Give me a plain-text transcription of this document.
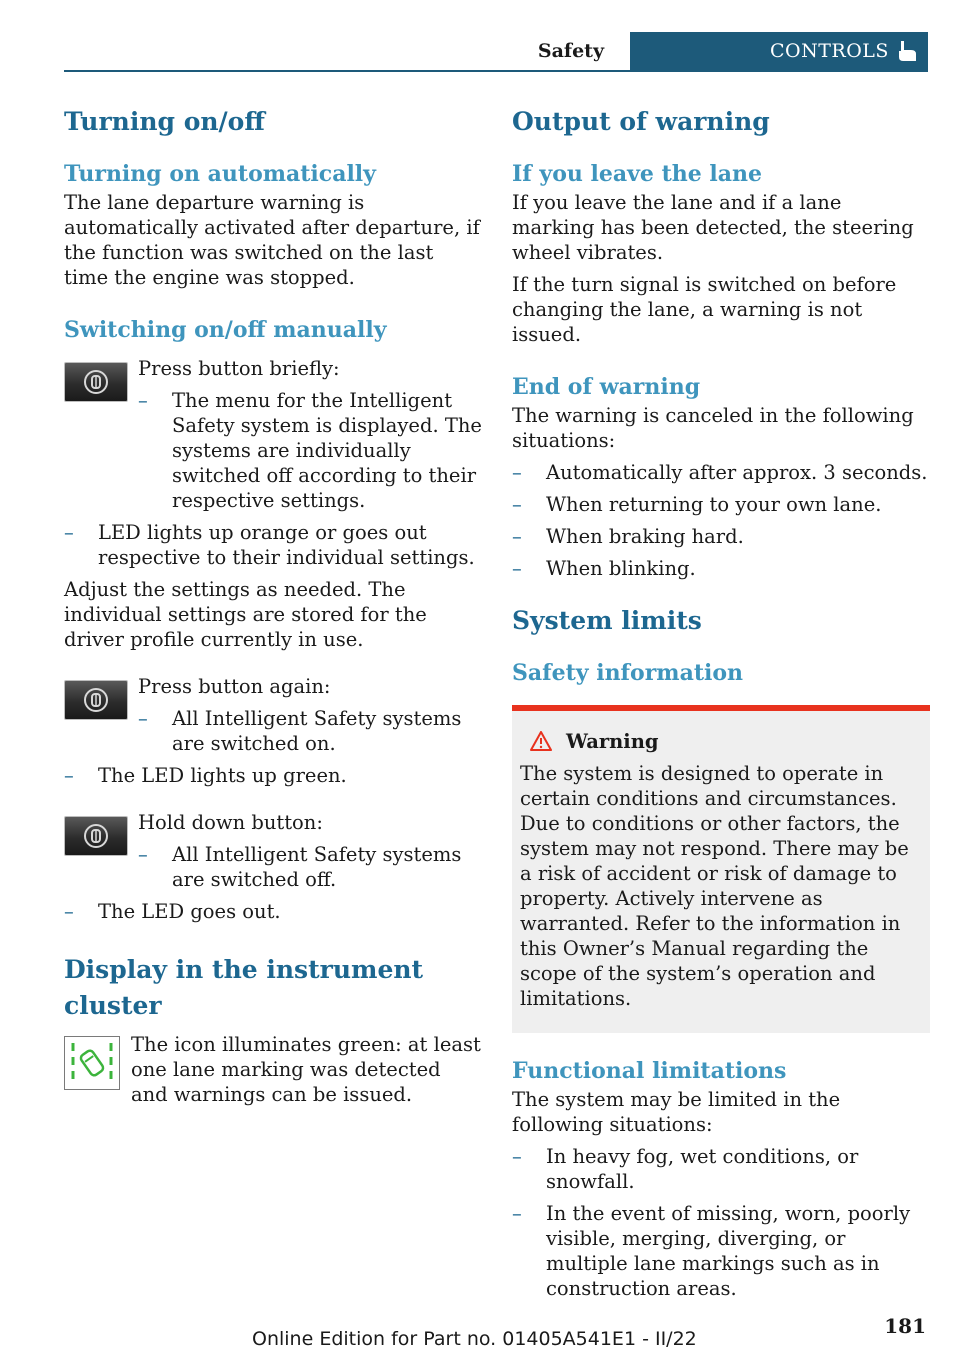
Safety	CONTROLS
Turning on/off
Turning on automatically

The lane departure warning is automatically activated after departure, if the function was switched on the last time the engine was stopped.

Switching on/off manually

Press button briefly:

– The menu for the Intelligent Safety system is displayed. The systems are individually switched off according to their respective settings.
– LED lights up orange or goes out respective to their individual settings.

Adjust the settings as needed. The individual settings are stored for the driver profile currently in use.

Press button again:

– All Intelligent Safety systems are switched on.
– The LED lights up green.

Hold down button:

– All Intelligent Safety systems are switched off.
– The LED goes out.
Display in the instrument cluster

The icon illuminates green: at least one lane marking was detected and warnings can be issued.

Output of warning
If you leave the lane

If you leave the lane and if a lane marking has been detected, the steering wheel vibrates.

If the turn signal is switched on before changing the lane, a warning is not issued.

End of warning

The warning is canceled in the following situations:

– Automatically after approx. 3 seconds.
– When returning to your own lane.
– When braking hard.
– When blinking.
System limits
Safety information
Warning

The system is designed to operate in certain conditions and circumstances. Due to conditions or other factors, the system may not respond. There may be a risk of accident or risk of damage to property. Actively intervene as warranted. Refer to the information in this Owner’s Manual regarding the scope of the system’s operation and limitations.

Functional limitations

The system may be limited in the following situations:

– In heavy fog, wet conditions, or snowfall.
– In the event of missing, worn, poorly visible, merging, diverging, or multiple lane markings such as in construction areas.
Online Edition for Part no. 01405A541E1 - II/22
181
